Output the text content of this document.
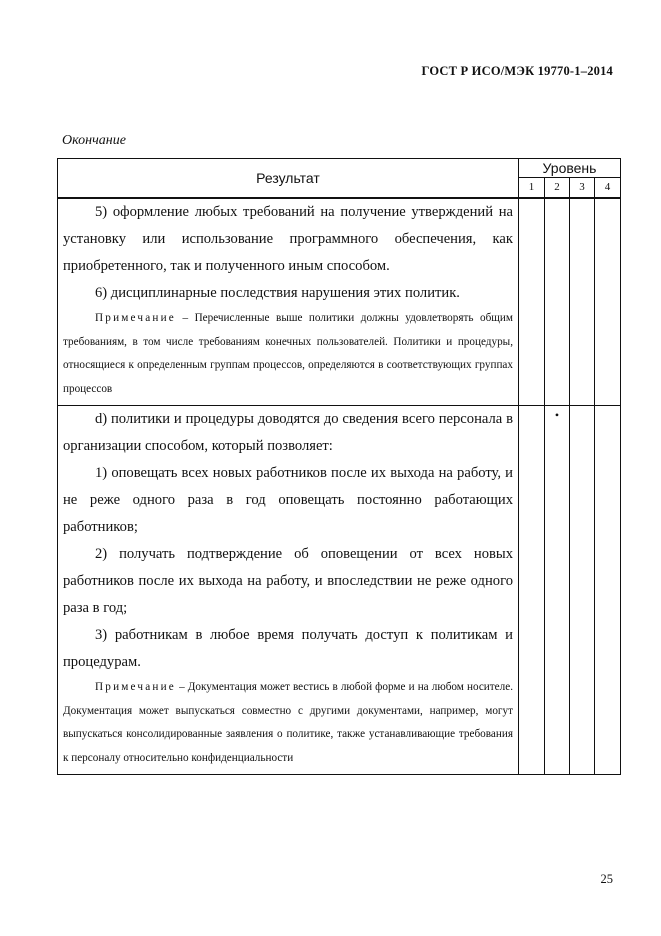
ГОСТ Р ИСО/МЭК 19770-1–2014
Окончание
Результат	Уровень
1	2	3	4

5) оформление любых требований на получение утверждений на установку или использование программного обеспечения, как приобретенного, так и полученного иным способом.

6) дисциплинарные последствия нарушения этих политик.

Примечание – Перечисленные выше политики должны удовлетворять общим требованиям, в том числе требованиям конечных пользователей. Политики и процедуры, относящиеся к определенным группам процессов, определяются в соответствующих группах процессов

d) политики и процедуры доводятся до сведения всего персонала в организации способом, который позволяет:

1) оповещать всех новых работников после их выхода на работу, и не реже одного раза в год оповещать постоянно работающих работников;

2) получать подтверждение об оповещении от всех новых работников после их выхода на работу, и впоследствии не реже одного раза в год;

3) работникам в любое время получать доступ к политикам и процедурам.

Примечание – Документация может вестись в любой форме и на любом носителе. Документация может выпускаться совместно с другими документами, например, могут выпускаться консолидированные заявления о политике, также устанавливающие требования к персоналу относительно конфиденциальности

		•		
25
